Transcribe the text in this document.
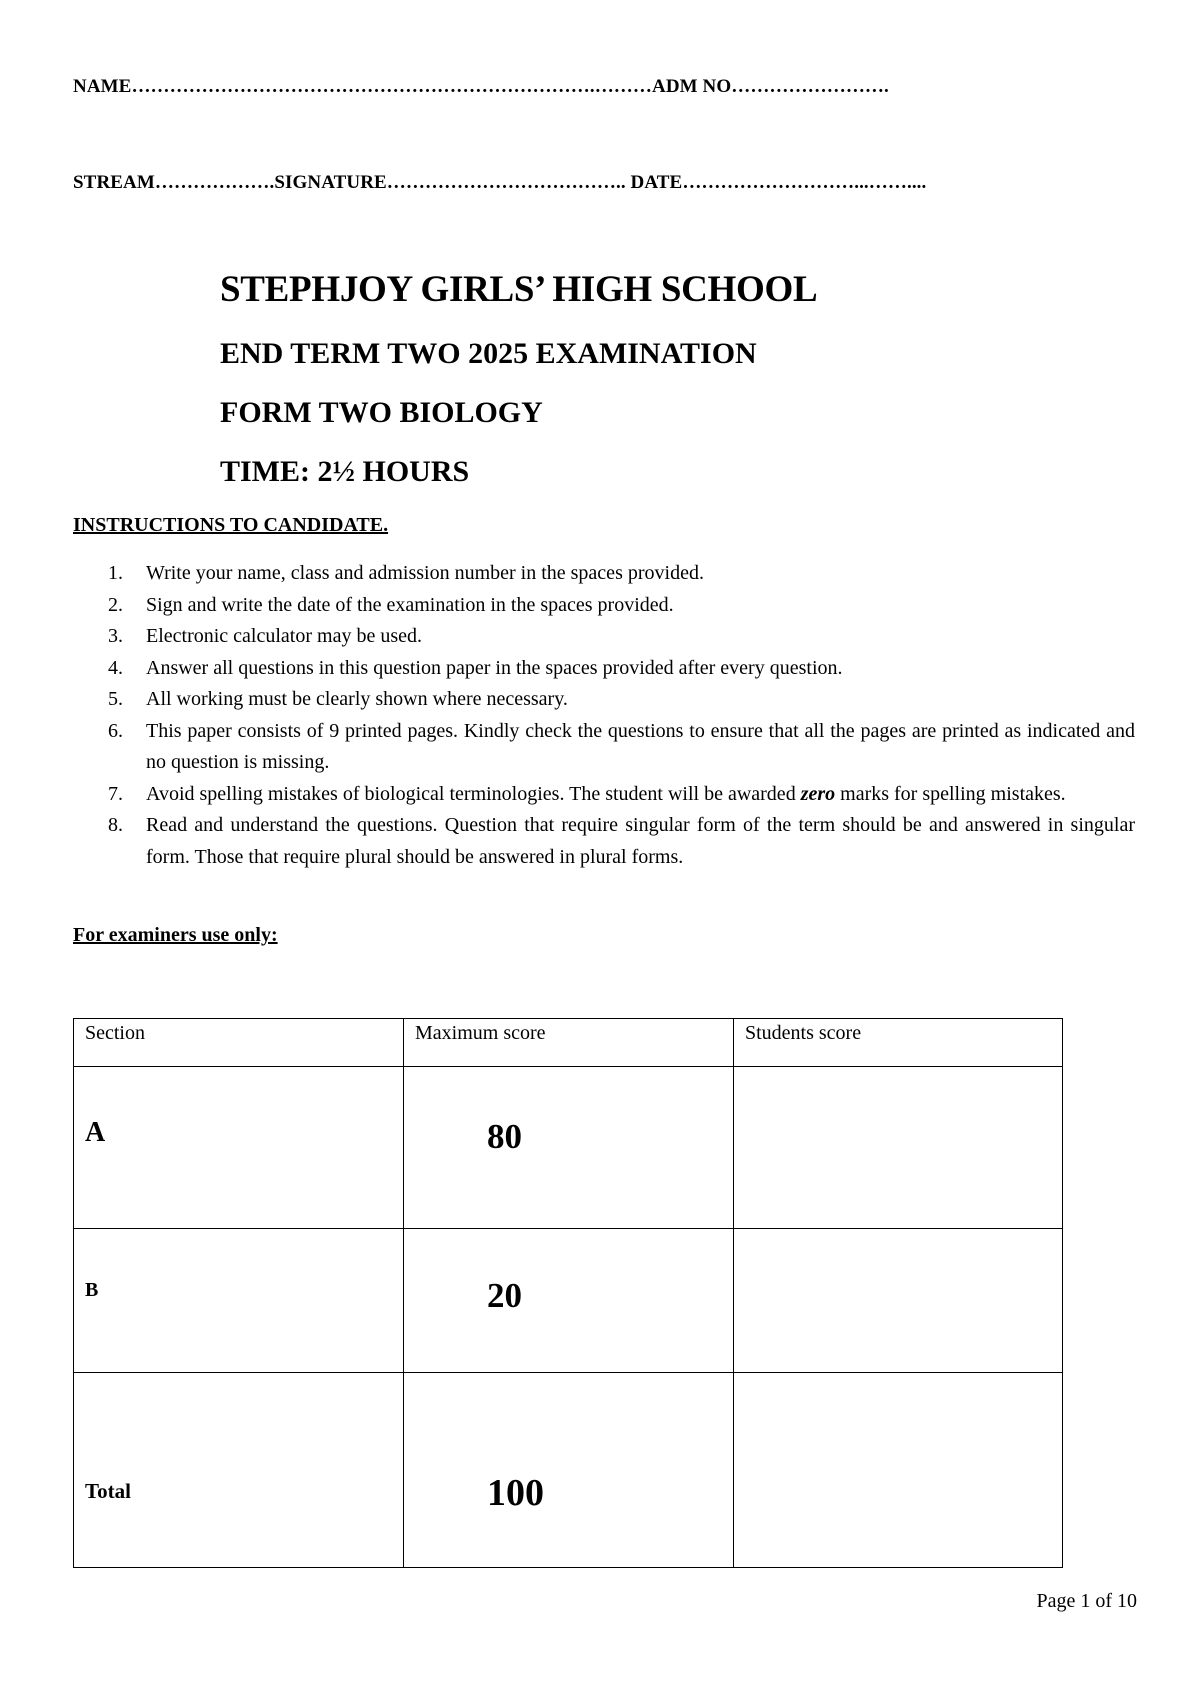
NAME……………………………………………………………….………ADM NO…………………….
STREAM……………….SIGNATURE……………………………….. DATE………………………...……....
STEPHJOY GIRLS’ HIGH SCHOOL
END TERM TWO 2025 EXAMINATION
FORM TWO BIOLOGY
TIME: 2½ HOURS
INSTRUCTIONS TO CANDIDATE.
1. Write your name, class and admission number in the spaces provided.
2. Sign and write the date of the examination in the spaces provided.
3. Electronic calculator may be used.
4. Answer all questions in this question paper in the spaces provided after every question.
5. All working must be clearly shown where necessary.
6. This paper consists of 9 printed pages. Kindly check the questions to ensure that all the pages are printed as indicated and no question is missing.
7. Avoid spelling mistakes of biological terminologies. The student will be awarded zero marks for spelling mistakes.
8. Read and understand the questions. Question that require singular form of the term should be and answered in singular form. Those that require plural should be answered in plural forms.
For examiners use only:
Section	Maximum score	Students score

A	80	

B	20	

Total	100	

Page 1 of 10
